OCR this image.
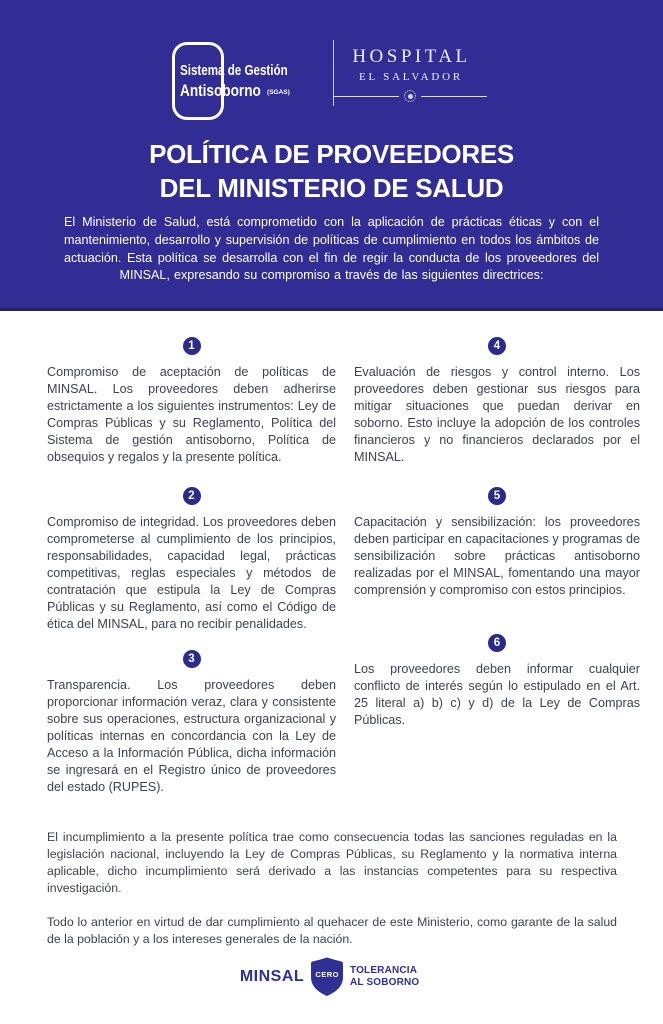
Sistema de Gestión
Antisoborno (SGAS)
HOSPITAL
EL SALVADOR
POLÍTICA DE PROVEEDORES
DEL MINISTERIO DE SALUD

El Ministerio de Salud, está comprometido con la aplicación de prácticas éticas y con el mantenimiento, desarrollo y supervisión de políticas de cumplimiento en todos los ámbitos de actuación. Esta política se desarrolla con el fin de regir la conducta de los proveedores del MINSAL, expresando su compromiso a través de las siguientes directrices:

1

Compromiso de aceptación de políticas de MINSAL. Los proveedores deben adherirse estrictamente a los siguientes instrumentos: Ley de Compras Públicas y su Reglamento, Política del Sistema de gestión antisoborno, Política de obsequios y regalos y la presente política.

2

Compromiso de integridad. Los proveedores deben comprometerse al cumplimiento de los principios, responsabilidades, capacidad legal, prácticas competitivas, reglas especiales y métodos de contratación que estipula la Ley de Compras Públicas y su Reglamento, así como el Código de ética del MINSAL, para no recibir penalidades.

3

Transparencia. Los proveedores deben proporcionar información veraz, clara y consistente sobre sus operaciones, estructura organizacional y políticas internas en concordancia con la Ley de Acceso a la Información Pública, dicha información se ingresará en el Registro único de proveedores del estado (RUPES).

4

Evaluación de riesgos y control interno. Los proveedores deben gestionar sus riesgos para mitigar situaciones que puedan derivar en soborno. Esto incluye la adopción de los controles financieros y no financieros declarados por el MINSAL.

5

Capacitación y sensibilización: los proveedores deben participar en capacitaciones y programas de sensibilización sobre prácticas antisoborno realizadas por el MINSAL, fomentando una mayor comprensión y compromiso con estos principios.

6

Los proveedores deben informar cualquier conflicto de interés según lo estipulado en el Art. 25 literal a) b) c) y d) de la Ley de Compras Públicas.

El incumplimiento a la presente política trae como consecuencia todas las sanciones reguladas en la legislación nacional, incluyendo la Ley de Compras Públicas, su Reglamento y la normativa interna aplicable, dicho incumplimiento será derivado a las instancias competentes para su respectiva investigación.

Todo lo anterior en virtud de dar cumplimiento al quehacer de este Ministerio, como garante de la salud de la población y a los intereses generales de la nación.

MINSAL	CERO	TOLERANCIA
AL SOBORNO
